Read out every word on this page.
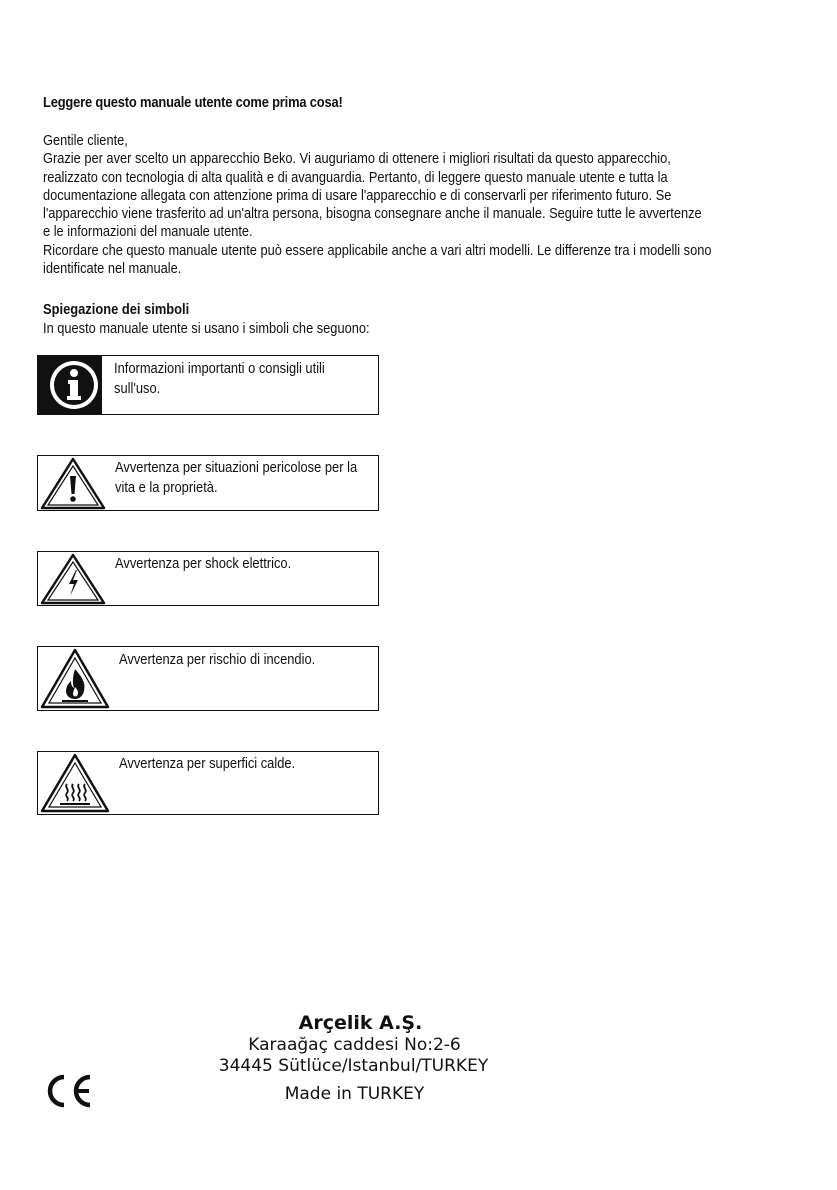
Leggere questo manuale utente come prima cosa!

Gentile cliente,

Grazie per aver scelto un apparecchio Beko. Vi auguriamo di ottenere i migliori risultati da questo apparecchio,

realizzato con tecnologia di alta qualità e di avanguardia. Pertanto, di leggere questo manuale utente e tutta la

documentazione allegata con attenzione prima di usare l'apparecchio e di conservarli per riferimento futuro. Se

l'apparecchio viene trasferito ad un'altra persona, bisogna consegnare anche il manuale. Seguire tutte le avvertenze

e le informazioni del manuale utente.

Ricordare che questo manuale utente può essere applicabile anche a vari altri modelli. Le differenze tra i modelli sono

identificate nel manuale.

Spiegazione dei simboli
In questo manuale utente si usano i simboli che seguono:
Informazioni importanti o consigli utili sull'uso.
Avvertenza per situazioni pericolose per la vita e la proprietà.
Avvertenza per shock elettrico.
Avvertenza per rischio di incendio.
Avvertenza per superfici calde.
Arçelik A.Ş.
Karaağaç caddesi No:2-6
34445 Sütlüce/Istanbul/TURKEY
Made in TURKEY
